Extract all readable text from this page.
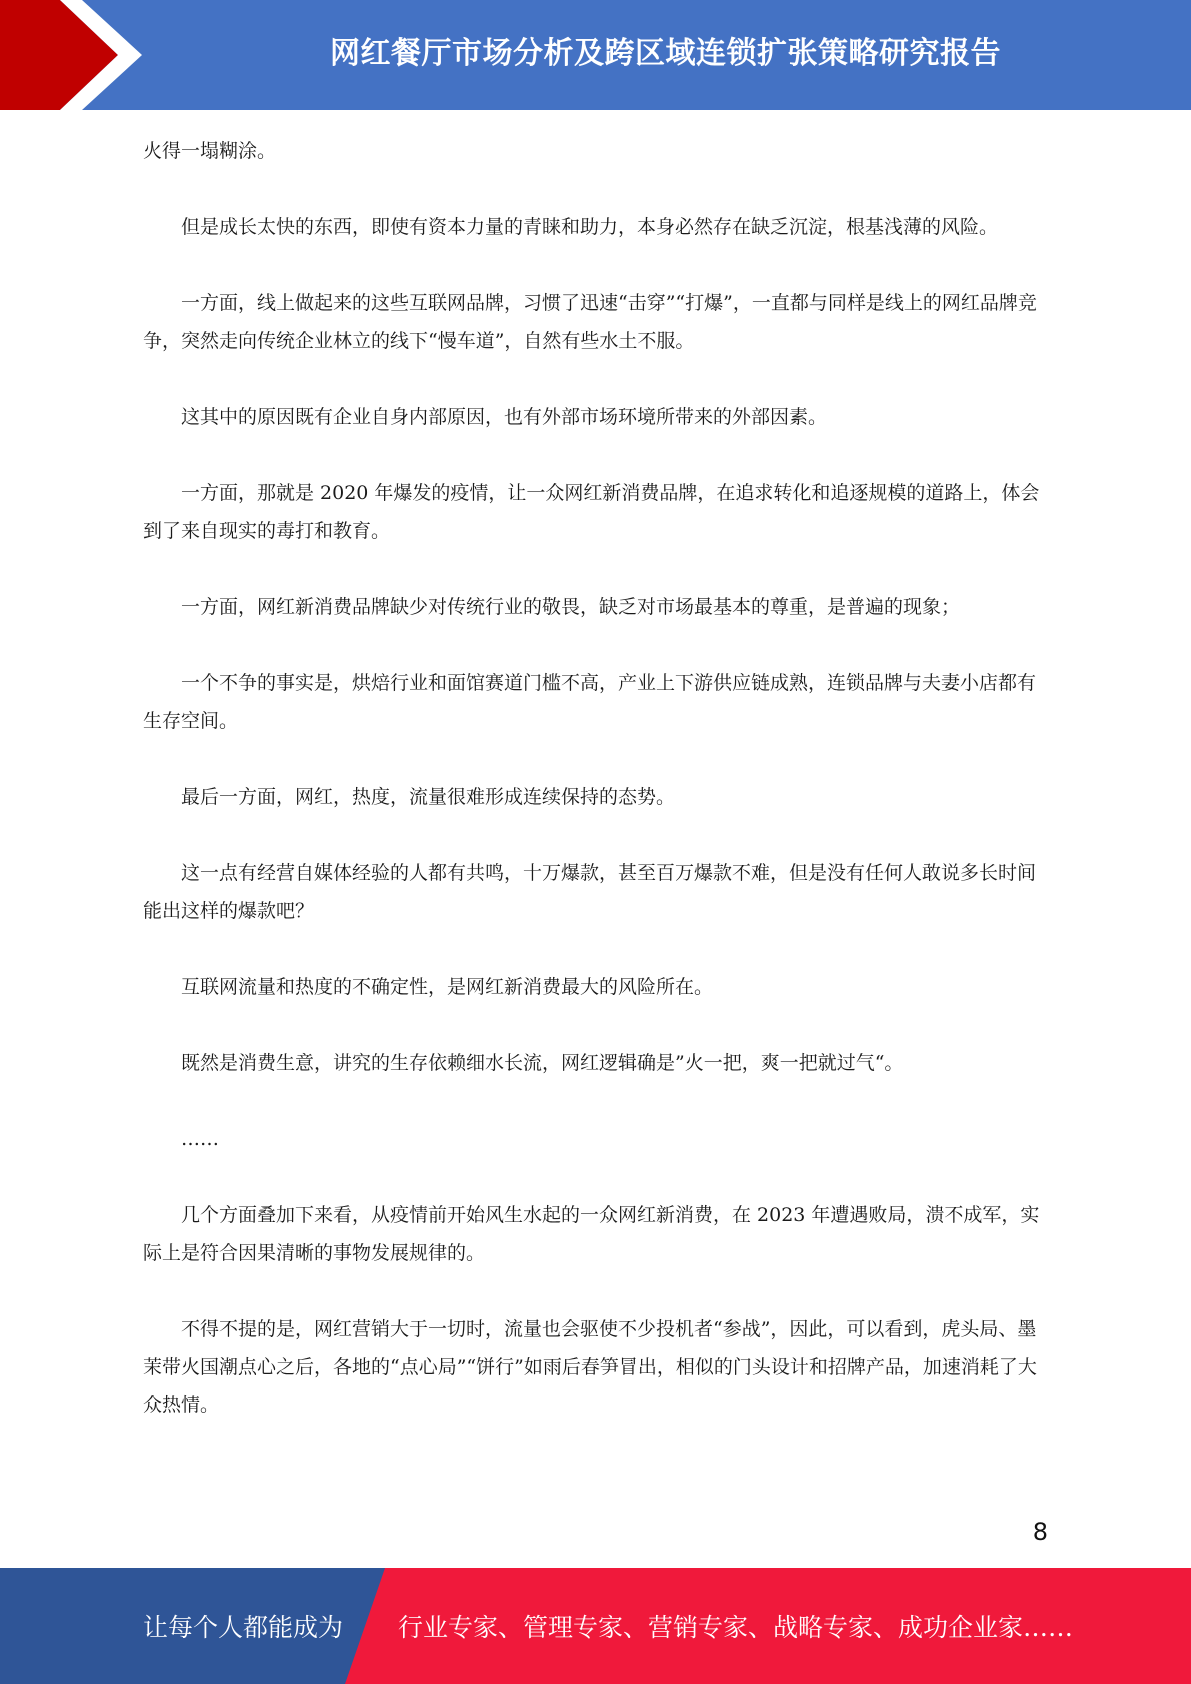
网红餐厅市场分析及跨区域连锁扩张策略研究报告

火得一塌糊涂。

但是成长太快的东西，即使有资本力量的青睐和助力，本身必然存在缺乏沉淀，根基浅薄的风险。

一方面，线上做起来的这些互联网品牌，习惯了迅速“击穿”“打爆”，一直都与同样是线上的网红品牌竞争，突然走向传统企业林立的线下“慢车道”，自然有些水土不服。

这其中的原因既有企业自身内部原因，也有外部市场环境所带来的外部因素。

一方面，那就是 2020 年爆发的疫情，让一众网红新消费品牌，在追求转化和追逐规模的道路上，体会到了来自现实的毒打和教育。

一方面，网红新消费品牌缺少对传统行业的敬畏，缺乏对市场最基本的尊重，是普遍的现象；

一个不争的事实是，烘焙行业和面馆赛道门槛不高，产业上下游供应链成熟，连锁品牌与夫妻小店都有生存空间。

最后一方面，网红，热度，流量很难形成连续保持的态势。

这一点有经营自媒体经验的人都有共鸣，十万爆款，甚至百万爆款不难，但是没有任何人敢说多长时间能出这样的爆款吧？

互联网流量和热度的不确定性，是网红新消费最大的风险所在。

既然是消费生意，讲究的生存依赖细水长流，网红逻辑确是”火一把，爽一把就过气“。

……

几个方面叠加下来看，从疫情前开始风生水起的一众网红新消费，在 2023 年遭遇败局，溃不成军，实际上是符合因果清晰的事物发展规律的。

不得不提的是，网红营销大于一切时，流量也会驱使不少投机者“参战”，因此，可以看到，虎头局、墨茉带火国潮点心之后，各地的“点心局”“饼行”如雨后春笋冒出，相似的门头设计和招牌产品，加速消耗了大众热情。

8
让每个人都能成为 行业专家、管理专家、营销专家、战略专家、成功企业家……
